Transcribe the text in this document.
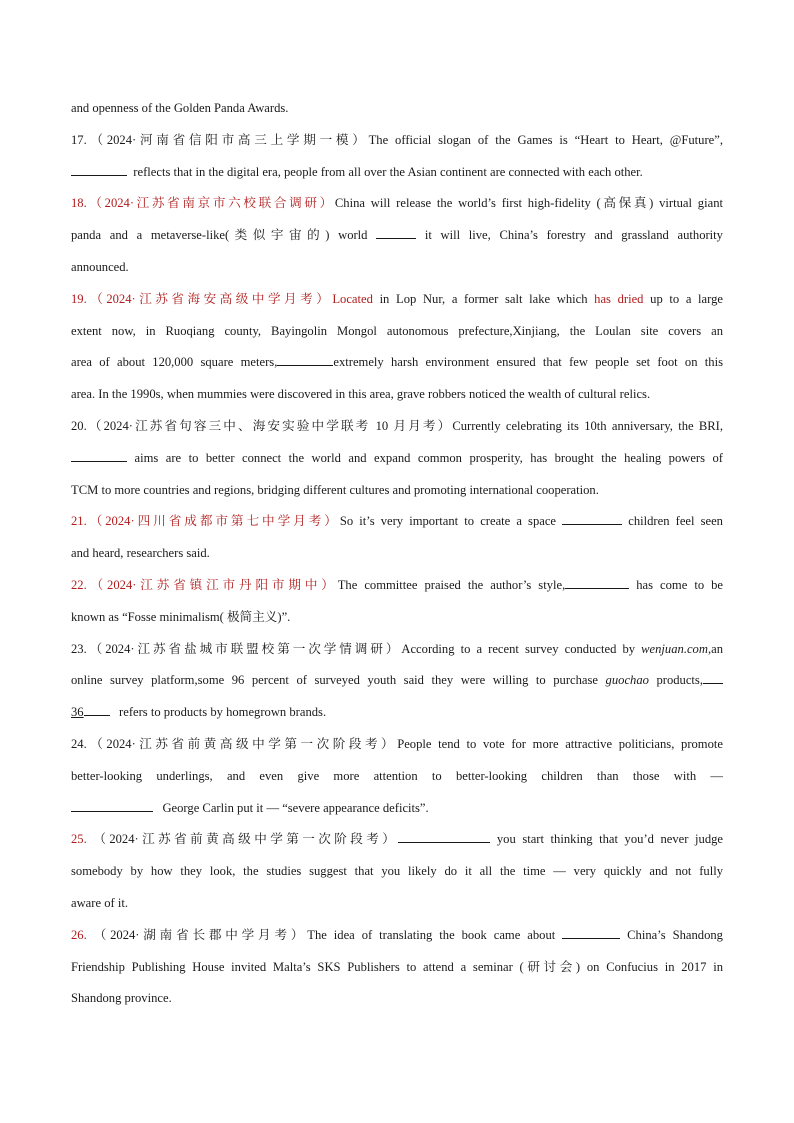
and openness of the Golden Panda Awards.
17.（2024·河南省信阳市高三上学期一模）The official slogan of the Games is “Heart to Heart, @Future”,
reflects that in the digital era, people from all over the Asian continent are connected with each other.
18.（2024·江苏省南京市六校联合调研）China will release the world’s first high-fidelity (高保真) virtual giant
panda and a metaverse-like(类似宇宙的) world	it will live, China’s forestry and grassland authority
announced.
19.（2024·江苏省海安高级中学月考）Located in Lop Nur, a former salt lake which has dried up to a large
extent now, in Ruoqiang county, Bayingolin Mongol autonomous prefecture,Xinjiang, the Loulan site covers an
area of about 120,000 square meters,	extremely harsh environment ensured that few people set foot on this
area. In the 1990s, when mummies were discovered in this area, grave robbers noticed the wealth of cultural relics.
20.（2024·江苏省句容三中、海安实验中学联考 10 月月考）Currently celebrating its 10th anniversary, the BRI,
aims are to better connect the world and expand common prosperity, has brought the healing powers of
TCM to more countries and regions, bridging different cultures and promoting international cooperation.
21.（2024·四川省成都市第七中学月考）So it’s very important to create a space	children feel seen
and heard, researchers said.
22.（2024·江苏省镇江市丹阳市期中）The committee praised the author’s style,	has come to be
known as “Fosse minimalism( 极简主义)”.
23.（2024·江苏省盐城市联盟校第一次学情调研）According to a recent survey conducted by wenjuan.com,an
online survey platform,some 96 percent of surveyed youth said they were willing to purchase guochao products,
36	refers to products by homegrown brands.
24.（2024·江苏省前黄高级中学第一次阶段考）People tend to vote for more attractive politicians, promote
better-looking underlings, and even give more attention to better-looking children than those with —
George Carlin put it — “severe appearance deficits”.
25. （2024·江苏省前黄高级中学第一次阶段考）	you start thinking that you’d never judge
somebody by how they look, the studies suggest that you likely do it all the time — very quickly and not fully
aware of it.
26. （2024·湖南省长郡中学月考）The idea of translating the book came about	China’s Shandong
Friendship Publishing House invited Malta’s SKS Publishers to attend a seminar (研讨会) on Confucius in 2017 in
Shandong province.
